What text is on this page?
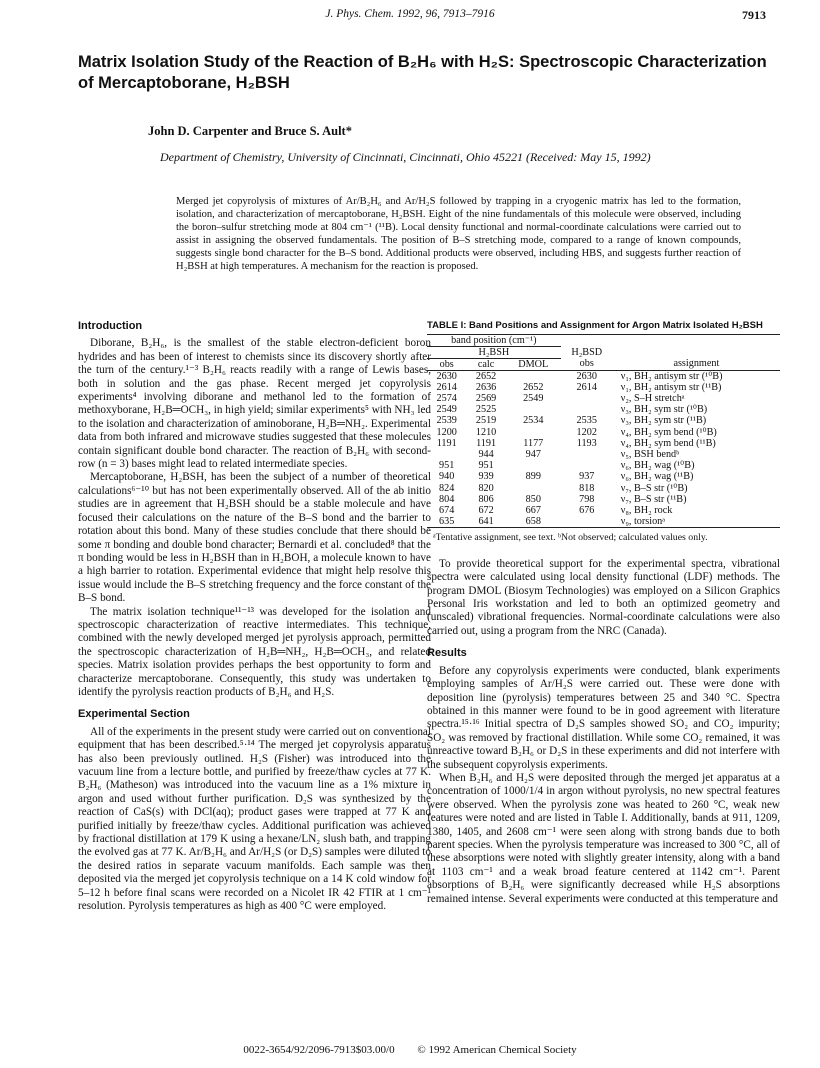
J. Phys. Chem. 1992, 96, 7913–7916	7913
Matrix Isolation Study of the Reaction of B₂H₆ with H₂S: Spectroscopic Characterization of Mercaptoborane, H₂BSH
John D. Carpenter and Bruce S. Ault*
Department of Chemistry, University of Cincinnati, Cincinnati, Ohio 45221 (Received: May 15, 1992)
Merged jet copyrolysis of mixtures of Ar/B₂H₆ and Ar/H₂S followed by trapping in a cryogenic matrix has led to the formation, isolation, and characterization of mercaptoborane, H₂BSH. Eight of the nine fundamentals of this molecule were observed, including the boron–sulfur stretching mode at 804 cm⁻¹ (¹¹B). Local density functional and normal-coordinate calculations were carried out to assist in assigning the observed fundamentals. The position of B–S stretching mode, compared to a range of known compounds, suggests single bond character for the B–S bond. Additional products were observed, including HBS, and suggests further reaction of H₂BSH at high temperatures. A mechanism for the reaction is proposed.
Introduction

Diborane, B₂H₆, is the smallest of the stable electron-deficient boron hydrides and has been of interest to chemists since its discovery shortly after the turn of the century.¹⁻³ B₂H₆ reacts readily with a range of Lewis bases, both in solution and the gas phase. Recent merged jet copyrolysis experiments⁴ involving diborane and methanol led to the formation of methoxyborane, H₂B═OCH₃, in high yield; similar experiments⁵ with NH₃ led to the isolation and characterization of aminoborane, H₂B═NH₂. Experimental data from both infrared and microwave studies suggested that these molecules contain significant double bond character. The reaction of B₂H₆ with second-row (n = 3) bases might lead to related intermediate species.

Mercaptoborane, H₂BSH, has been the subject of a number of theoretical calculations⁶⁻¹⁰ but has not been experimentally observed. All of the ab initio studies are in agreement that H₂BSH should be a stable molecule and have focused their calculations on the nature of the B–S bond and the barrier to rotation about this bond. Many of these studies conclude that there should be some π bonding and double bond character; Bernardi et al. concluded⁸ that the π bonding would be less in H₂BSH than in H₂BOH, a molecule known to have a high barrier to rotation. Experimental evidence that might help resolve this issue would include the B–S stretching frequency and the force constant of the B–S bond.

The matrix isolation technique¹¹⁻¹³ was developed for the isolation and spectroscopic characterization of reactive intermediates. This technique, combined with the newly developed merged jet pyrolysis approach, permitted the spectroscopic characterization of H₂B═NH₂, H₂B═OCH₃, and related species. Matrix isolation provides perhaps the best opportunity to form and characterize mercaptoborane. Consequently, this study was undertaken to identify the pyrolysis reaction products of B₂H₆ and H₂S.

Experimental Section

All of the experiments in the present study were carried out on conventional equipment that has been described.⁵·¹⁴ The merged jet copyrolysis apparatus has also been previously outlined. H₂S (Fisher) was introduced into the vacuum line from a lecture bottle, and purified by freeze/thaw cycles at 77 K. B₂H₆ (Matheson) was introduced into the vacuum line as a 1% mixture in argon and used without further purification. D₂S was synthesized by the reaction of CaS(s) with DCl(aq); product gases were trapped at 77 K and purified initially by freeze/thaw cycles. Additional purification was achieved by fractional distillation at 179 K using a hexane/LN₂ slush bath, and trapping the evolved gas at 77 K. Ar/B₂H₆ and Ar/H₂S (or D₂S) samples were diluted to the desired ratios in separate vacuum manifolds. Each sample was then deposited via the merged jet copyrolysis technique on a 14 K cold window for 5–12 h before final scans were recorded on a Nicolet IR 42 FTIR at 1 cm⁻¹ resolution. Pyrolysis temperatures as high as 400 °C were employed.

TABLE I: Band Positions and Assignment for Argon Matrix Isolated H₂BSH
band position (cm⁻¹)				
H₂BSH			H₂BSD	
obs	calc	DMOL	obs	assignment
2630	2652		2630	ν₁, BH₂ antisym str (¹⁰B)
2614	2636	2652	2614	ν₁, BH₂ antisym str (¹¹B)
2574	2569	2549		ν₂, S–H stretchᵃ
2549	2525			ν₃, BH₂ sym str (¹⁰B)
2539	2519	2534	2535	ν₃, BH₂ sym str (¹¹B)
1200	1210		1202	ν₄, BH₂ sym bend (¹⁰B)
1191	1191	1177	1193	ν₄, BH₂ sym bend (¹¹B)
	944	947		ν₅, BSH bendᵇ
951	951			ν₆, BH₂ wag (¹⁰B)
940	939	899	937	ν₆, BH₂ wag (¹¹B)
824	820		818	ν₇, B–S str (¹⁰B)
804	806	850	798	ν₇, B–S str (¹¹B)
674	672	667	676	ν₈, BH₂ rock
635	641	658		ν₉, torsionᵃ
ᵃTentative assignment, see text. ᵇNot observed; calculated values only.

To provide theoretical support for the experimental spectra, vibrational spectra were calculated using local density functional (LDF) methods. The program DMOL (Biosym Technologies) was employed on a Silicon Graphics Personal Iris workstation and led to both an optimized geometry and (unscaled) vibrational frequencies. Normal-coordinate calculations were also carried out, using a program from the NRC (Canada).

Results

Before any copyrolysis experiments were conducted, blank experiments employing samples of Ar/H₂S were carried out. These were done with deposition line (pyrolysis) temperatures between 25 and 340 °C. Spectra obtained in this manner were found to be in good agreement with literature spectra.¹⁵·¹⁶ Initial spectra of D₂S samples showed SO₂ and CO₂ impurity; SO₂ was removed by fractional distillation. While some CO₂ remained, it was unreactive toward B₂H₆ or D₂S in these experiments and did not interfere with the subsequent copyrolysis experiments.

When B₂H₆ and H₂S were deposited through the merged jet apparatus at a concentration of 1000/1/4 in argon without pyrolysis, no new spectral features were observed. When the pyrolysis zone was heated to 260 °C, weak new features were noted and are listed in Table I. Additionally, bands at 911, 1209, 1380, 1405, and 2608 cm⁻¹ were seen along with strong bands due to both parent species. When the pyrolysis temperature was increased to 300 °C, all of these absorptions were noted with slightly greater intensity, along with a band at 1103 cm⁻¹ and a weak broad feature centered at 1142 cm⁻¹. Parent absorptions of B₂H₆ were significantly decreased while H₂S absorptions remained intense. Several experiments were conducted at this temperature and

0022-3654/92/2096-7913$03.00/0 © 1992 American Chemical Society
